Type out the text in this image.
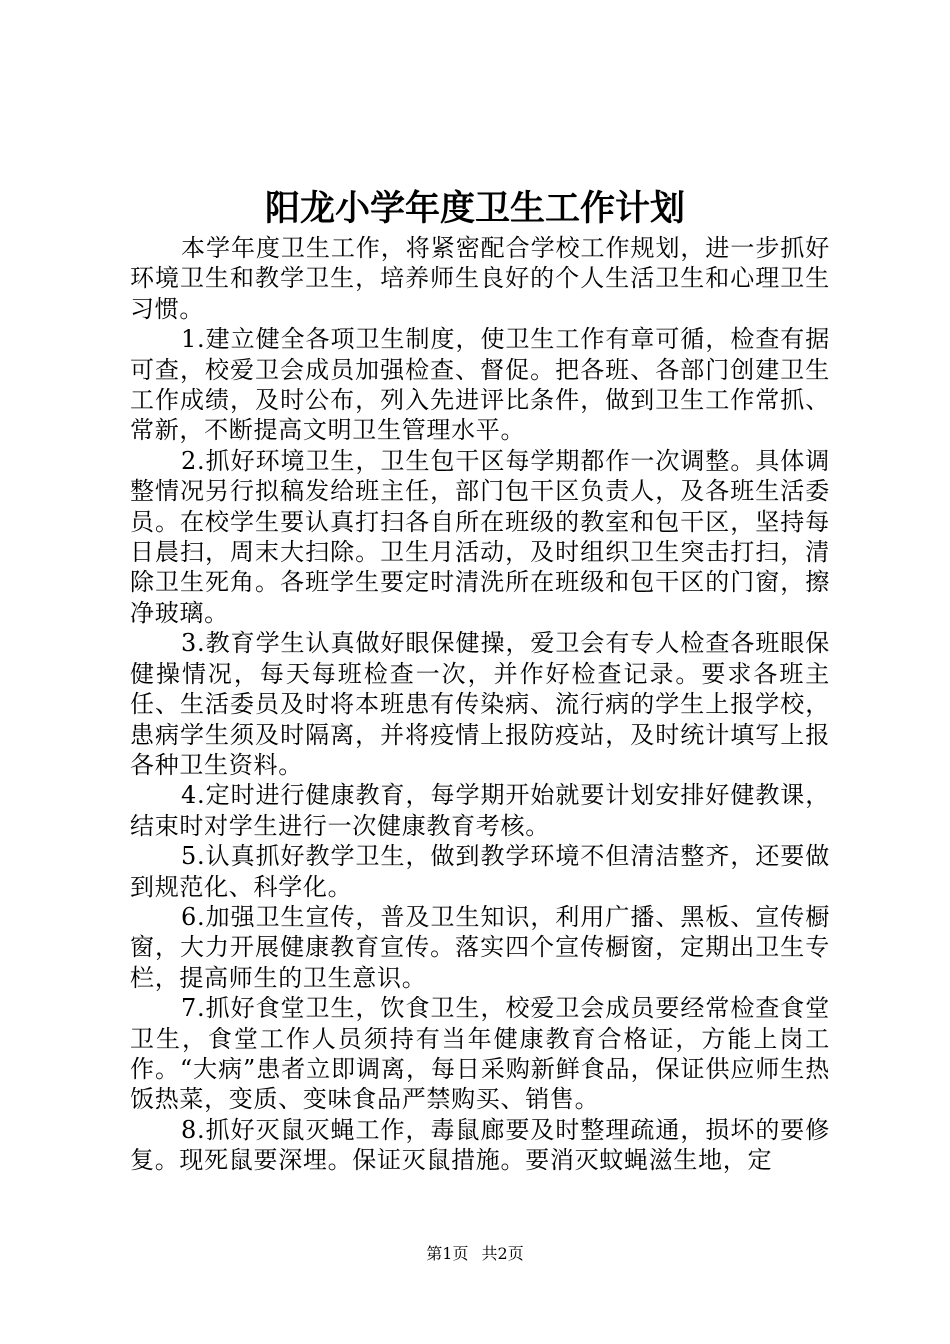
阳龙小学年度卫生工作计划

本学年度卫生工作，将紧密配合学校工作规划，进一步抓好环境卫生和教学卫生，培养师生良好的个人生活卫生和心理卫生习惯。

1.建立健全各项卫生制度，使卫生工作有章可循，检查有据可查，校爱卫会成员加强检查、督促。把各班、各部门创建卫生工作成绩，及时公布，列入先进评比条件，做到卫生工作常抓、常新，不断提高文明卫生管理水平。

2.抓好环境卫生，卫生包干区每学期都作一次调整。具体调整情况另行拟稿发给班主任，部门包干区负责人，及各班生活委员。在校学生要认真打扫各自所在班级的教室和包干区，坚持每日晨扫，周末大扫除。卫生月活动，及时组织卫生突击打扫，清除卫生死角。各班学生要定时清洗所在班级和包干区的门窗，擦净玻璃。

3.教育学生认真做好眼保健操，爱卫会有专人检查各班眼保健操情况，每天每班检查一次，并作好检查记录。要求各班主任、生活委员及时将本班患有传染病、流行病的学生上报学校，患病学生须及时隔离，并将疫情上报防疫站，及时统计填写上报各种卫生资料。

4.定时进行健康教育，每学期开始就要计划安排好健教课，结束时对学生进行一次健康教育考核。

5.认真抓好教学卫生，做到教学环境不但清洁整齐，还要做到规范化、科学化。

6.加强卫生宣传，普及卫生知识，利用广播、黑板、宣传橱窗，大力开展健康教育宣传。落实四个宣传橱窗，定期出卫生专栏，提高师生的卫生意识。

7.抓好食堂卫生，饮食卫生，校爱卫会成员要经常检查食堂卫生，食堂工作人员须持有当年健康教育合格证，方能上岗工作。“大病”患者立即调离，每日采购新鲜食品，保证供应师生热饭热菜，变质、变味食品严禁购买、销售。

8.抓好灭鼠灭蝇工作，毒鼠廊要及时整理疏通，损坏的要修复。现死鼠要深埋。保证灭鼠措施。要消灭蚊蝇滋生地，定

第1页 共2页
